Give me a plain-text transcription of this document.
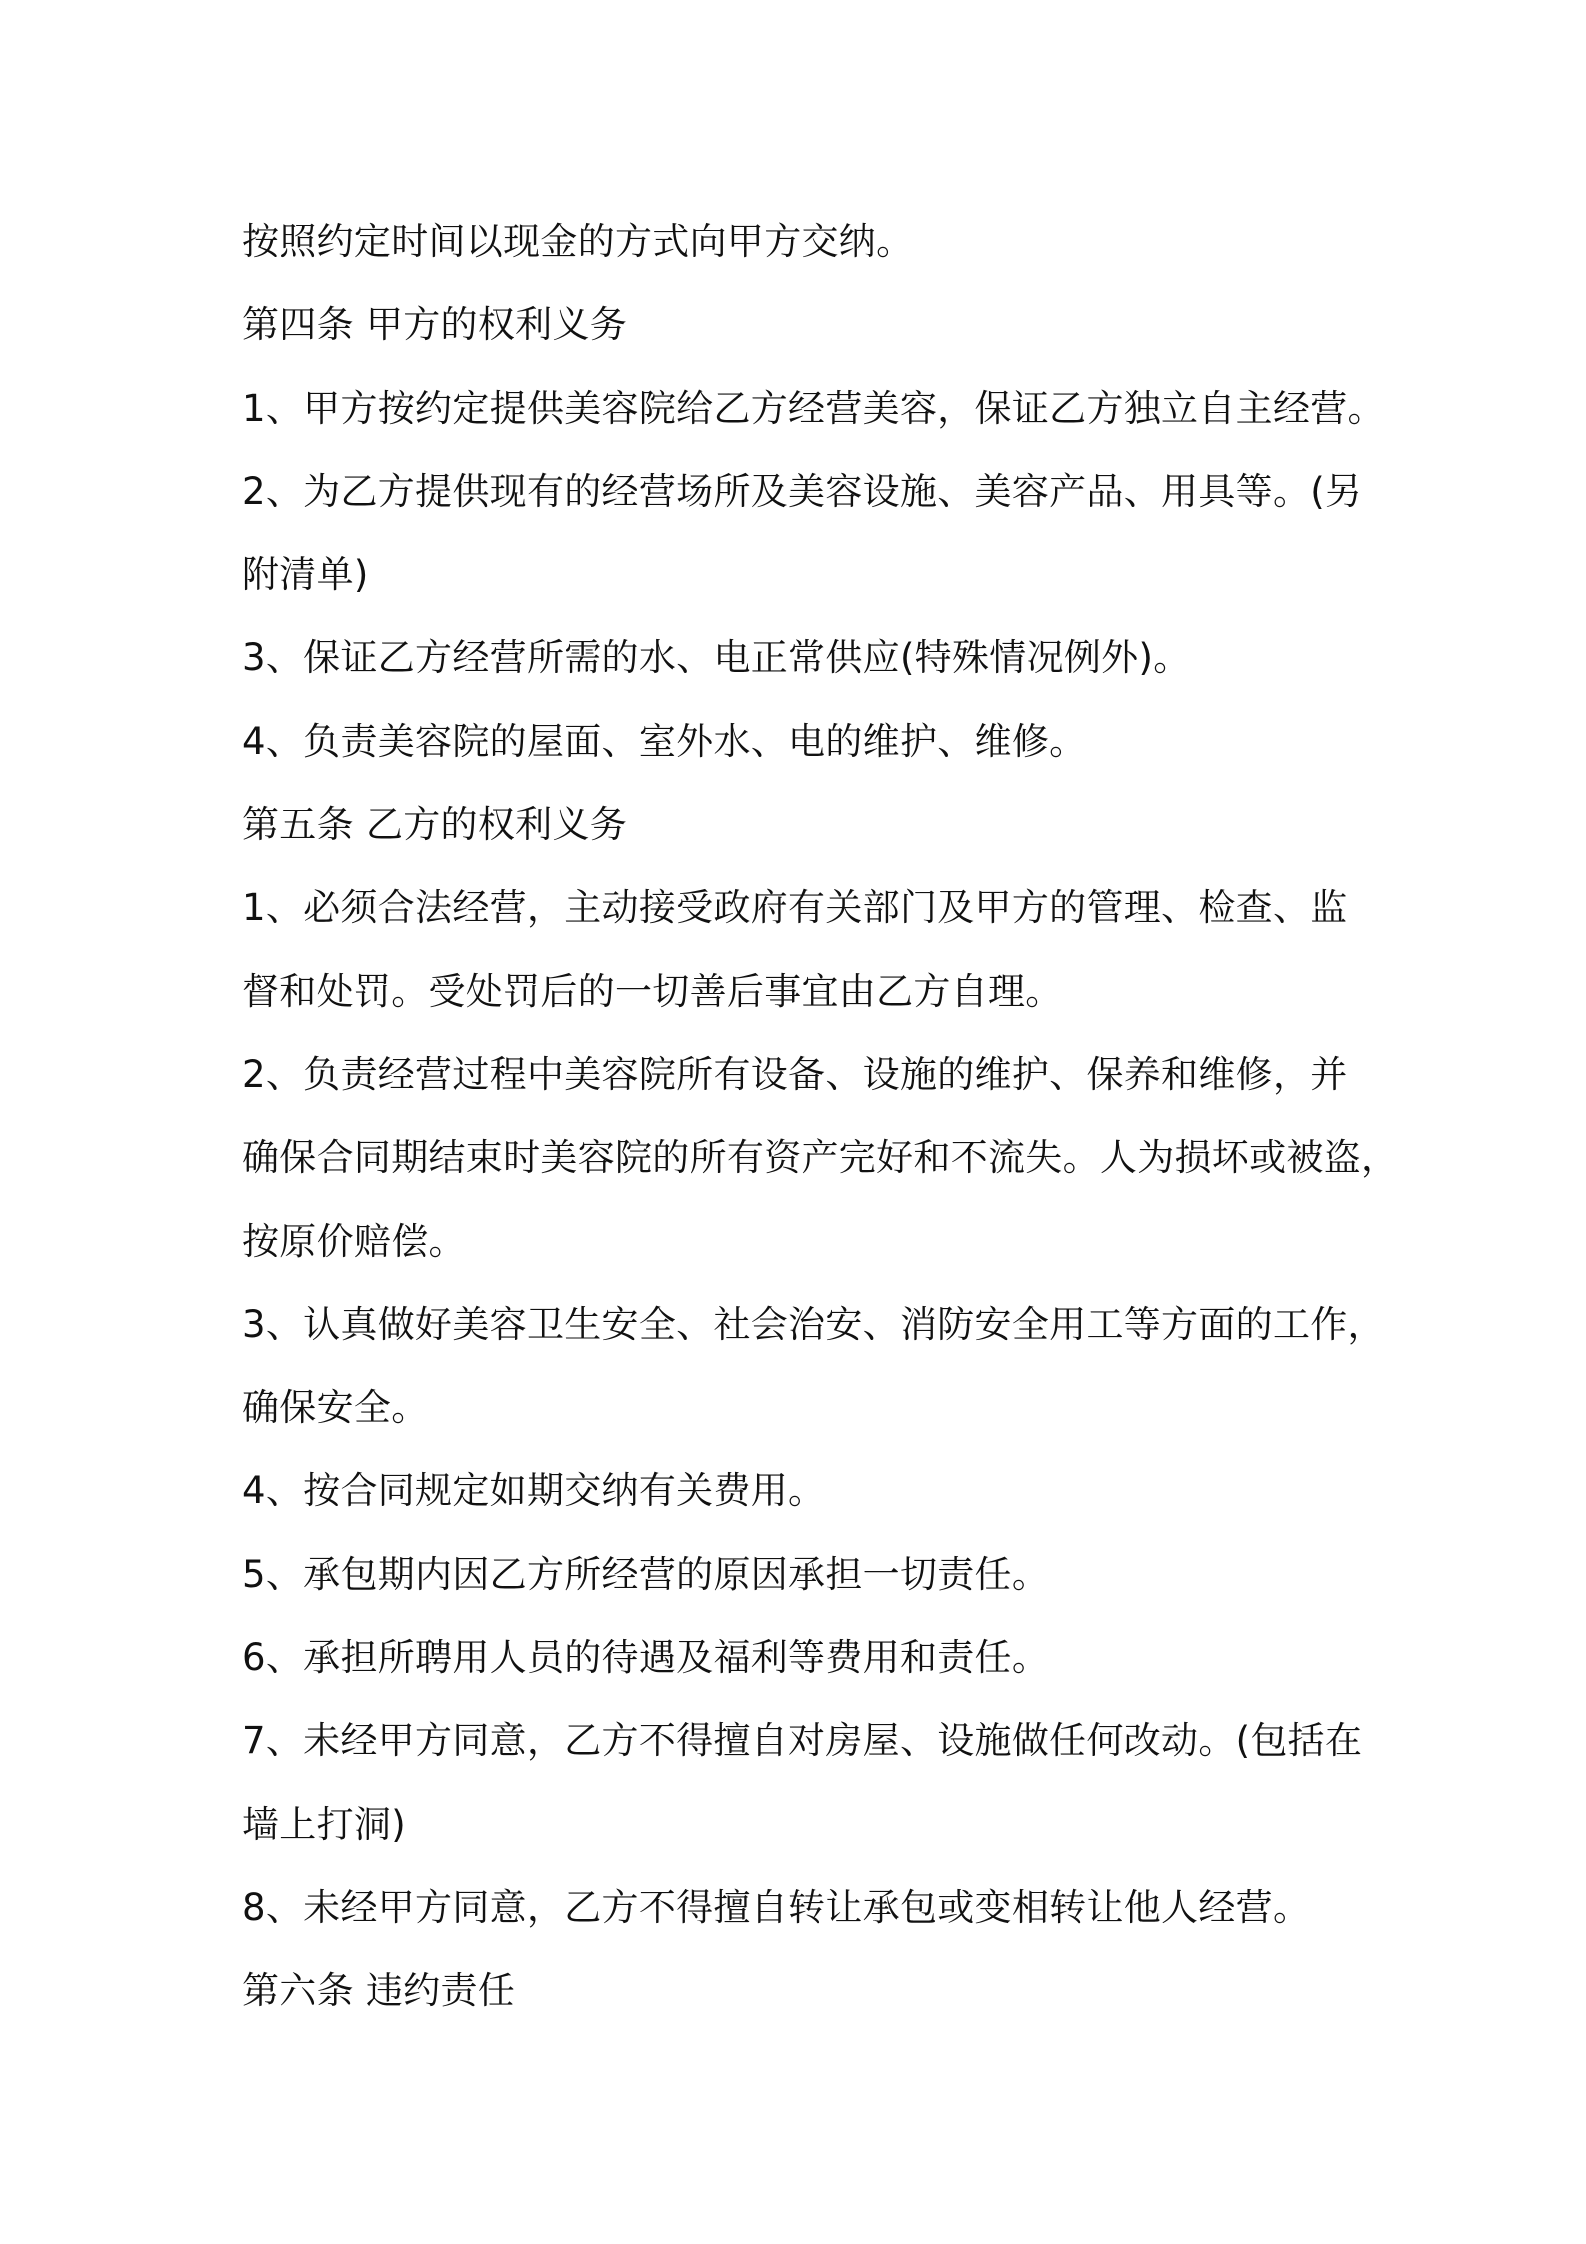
按照约定时间以现金的方式向甲方交纳。
第四条 甲方的权利义务
1、甲方按约定提供美容院给乙方经营美容，保证乙方独立自主经营。
2、为乙方提供现有的经营场所及美容设施、美容产品、用具等。(另
附清单)
3、保证乙方经营所需的水、电正常供应(特殊情况例外)。
4、负责美容院的屋面、室外水、电的维护、维修。
第五条 乙方的权利义务
1、必须合法经营，主动接受政府有关部门及甲方的管理、检查、监
督和处罚。受处罚后的一切善后事宜由乙方自理。
2、负责经营过程中美容院所有设备、设施的维护、保养和维修，并
确保合同期结束时美容院的所有资产完好和不流失。人为损坏或被盗，
按原价赔偿。
3、认真做好美容卫生安全、社会治安、消防安全用工等方面的工作，
确保安全。
4、按合同规定如期交纳有关费用。
5、承包期内因乙方所经营的原因承担一切责任。
6、承担所聘用人员的待遇及福利等费用和责任。
7、未经甲方同意，乙方不得擅自对房屋、设施做任何改动。(包括在
墙上打洞)
8、未经甲方同意，乙方不得擅自转让承包或变相转让他人经营。
第六条 违约责任
